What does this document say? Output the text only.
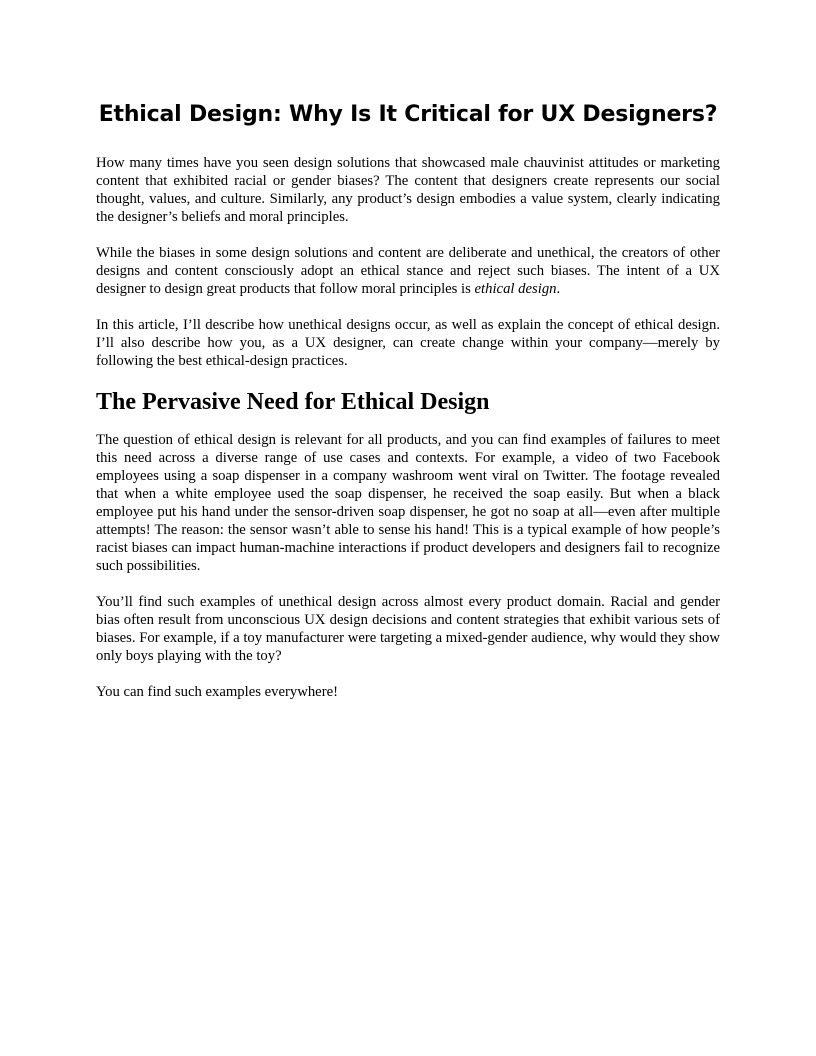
Ethical Design: Why Is It Critical for UX Designers?

How many times have you seen design solutions that showcased male chauvinist attitudes or marketing content that exhibited racial or gender biases? The content that designers create represents our social thought, values, and culture. Similarly, any product’s design embodies a value system, clearly indicating the designer’s beliefs and moral principles.

While the biases in some design solutions and content are deliberate and unethical, the creators of other designs and content consciously adopt an ethical stance and reject such biases. The intent of a UX designer to design great products that follow moral principles is ethical design.

In this article, I’ll describe how unethical designs occur, as well as explain the concept of ethical design. I’ll also describe how you, as a UX designer, can create change within your company—merely by following the best ethical-design practices.

The Pervasive Need for Ethical Design

The question of ethical design is relevant for all products, and you can find examples of failures to meet this need across a diverse range of use cases and contexts. For example, a video of two Facebook employees using a soap dispenser in a company washroom went viral on Twitter. The footage revealed that when a white employee used the soap dispenser, he received the soap easily. But when a black employee put his hand under the sensor-driven soap dispenser, he got no soap at all—even after multiple attempts! The reason: the sensor wasn’t able to sense his hand! This is a typical example of how people’s racist biases can impact human-machine interactions if product developers and designers fail to recognize such possibilities.

You’ll find such examples of unethical design across almost every product domain. Racial and gender bias often result from unconscious UX design decisions and content strategies that exhibit various sets of biases. For example, if a toy manufacturer were targeting a mixed-gender audience, why would they show only boys playing with the toy?

You can find such examples everywhere!
